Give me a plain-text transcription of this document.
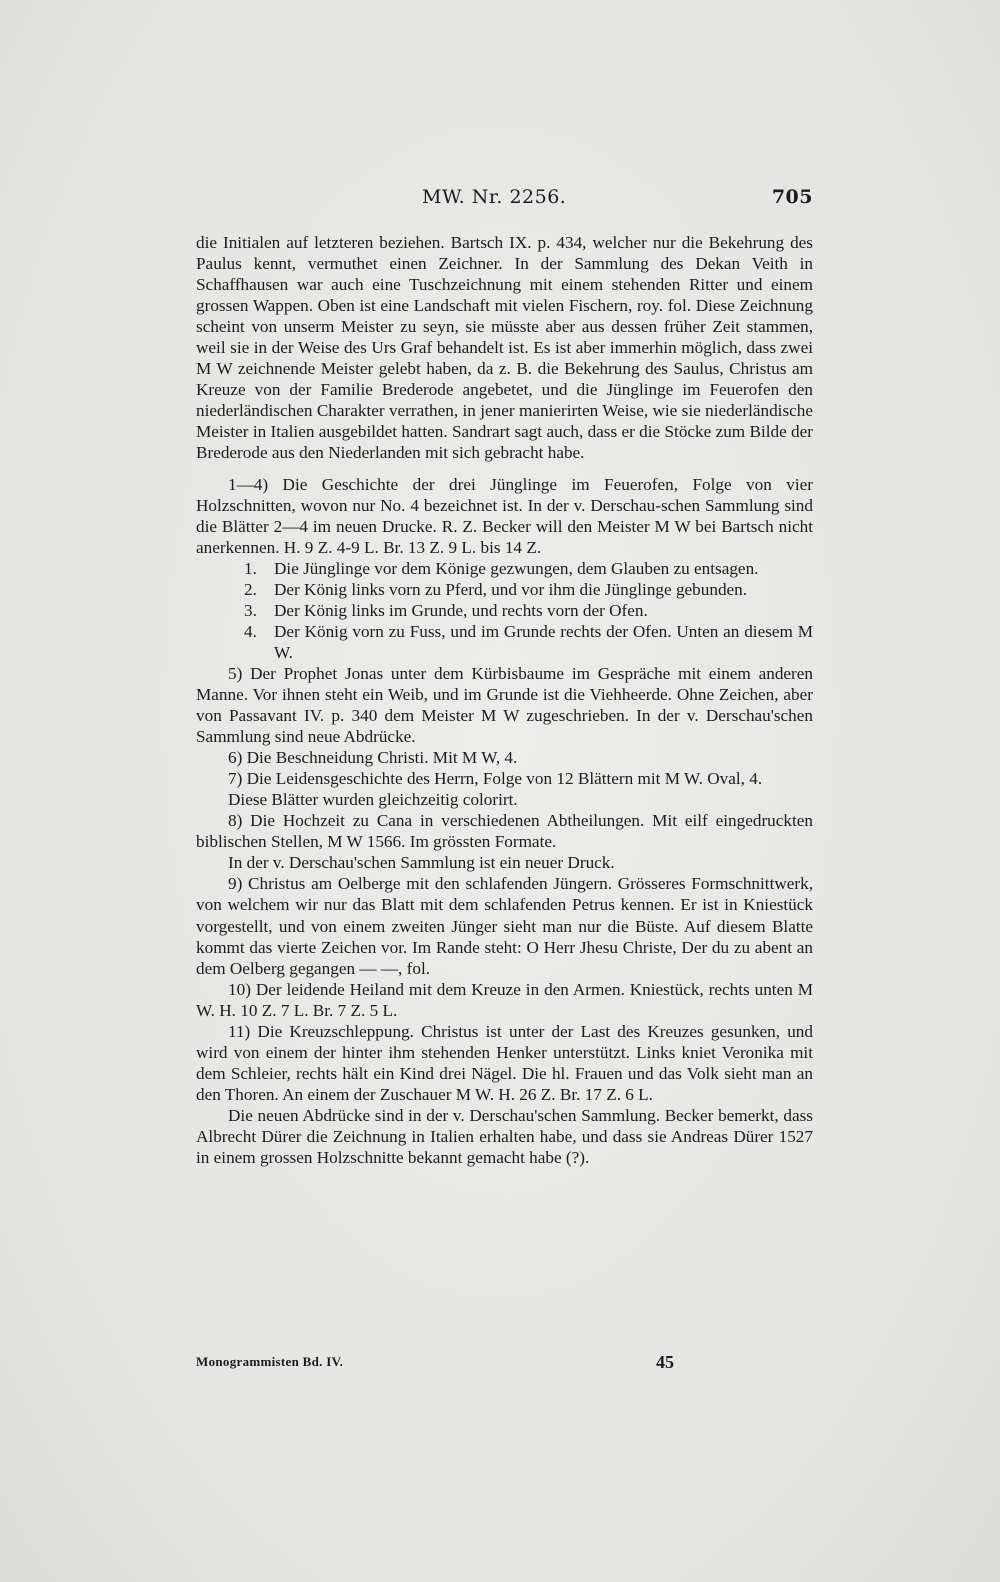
MW. Nr. 2256.	705

die Initialen auf letzteren beziehen. Bartsch IX. p. 434, welcher nur die Bekehrung des Paulus kennt, vermuthet einen Zeichner. In der Sammlung des Dekan Veith in Schaffhausen war auch eine Tuschzeichnung mit einem stehenden Ritter und einem grossen Wappen. Oben ist eine Landschaft mit vielen Fischern, roy. fol. Diese Zeichnung scheint von unserm Meister zu seyn, sie müsste aber aus dessen früher Zeit stammen, weil sie in der Weise des Urs Graf behandelt ist. Es ist aber immerhin möglich, dass zwei M W zeichnende Meister gelebt haben, da z. B. die Bekehrung des Saulus, Christus am Kreuze von der Familie Brederode angebetet, und die Jünglinge im Feuerofen den niederländischen Charakter verrathen, in jener manierirten Weise, wie sie niederländische Meister in Italien ausgebildet hatten. Sandrart sagt auch, dass er die Stöcke zum Bilde der Brederode aus den Niederlanden mit sich gebracht habe.

1—4) Die Geschichte der drei Jünglinge im Feuerofen, Folge von vier Holzschnitten, wovon nur No. 4 bezeichnet ist. In der v. Derschau-schen Sammlung sind die Blätter 2—4 im neuen Drucke. R. Z. Becker will den Meister M W bei Bartsch nicht anerkennen. H. 9 Z. 4-9 L. Br. 13 Z. 9 L. bis 14 Z.

1. Die Jünglinge vor dem Könige gezwungen, dem Glauben zu entsagen.

2. Der König links vorn zu Pferd, und vor ihm die Jünglinge gebunden.

3. Der König links im Grunde, und rechts vorn der Ofen.

4. Der König vorn zu Fuss, und im Grunde rechts der Ofen. Unten an diesem M W.

5) Der Prophet Jonas unter dem Kürbisbaume im Gespräche mit einem anderen Manne. Vor ihnen steht ein Weib, und im Grunde ist die Viehheerde. Ohne Zeichen, aber von Passavant IV. p. 340 dem Meister M W zugeschrieben. In der v. Derschau'schen Sammlung sind neue Abdrücke.

6) Die Beschneidung Christi. Mit M W, 4.

7) Die Leidensgeschichte des Herrn, Folge von 12 Blättern mit M W. Oval, 4.

Diese Blätter wurden gleichzeitig colorirt.

8) Die Hochzeit zu Cana in verschiedenen Abtheilungen. Mit eilf eingedruckten biblischen Stellen, M W 1566. Im grössten Formate.

In der v. Derschau'schen Sammlung ist ein neuer Druck.

9) Christus am Oelberge mit den schlafenden Jüngern. Grösseres Formschnittwerk, von welchem wir nur das Blatt mit dem schlafenden Petrus kennen. Er ist in Kniestück vorgestellt, und von einem zweiten Jünger sieht man nur die Büste. Auf diesem Blatte kommt das vierte Zeichen vor. Im Rande steht: O Herr Jhesu Christe, Der du zu abent an dem Oelberg gegangen — —, fol.

10) Der leidende Heiland mit dem Kreuze in den Armen. Kniestück, rechts unten M W. H. 10 Z. 7 L. Br. 7 Z. 5 L.

11) Die Kreuzschleppung. Christus ist unter der Last des Kreuzes gesunken, und wird von einem der hinter ihm stehenden Henker unterstützt. Links kniet Veronika mit dem Schleier, rechts hält ein Kind drei Nägel. Die hl. Frauen und das Volk sieht man an den Thoren. An einem der Zuschauer M W. H. 26 Z. Br. 17 Z. 6 L.

Die neuen Abdrücke sind in der v. Derschau'schen Sammlung. Becker bemerkt, dass Albrecht Dürer die Zeichnung in Italien erhalten habe, und dass sie Andreas Dürer 1527 in einem grossen Holzschnitte bekannt gemacht habe (?).

Monogrammisten Bd. IV.	45
